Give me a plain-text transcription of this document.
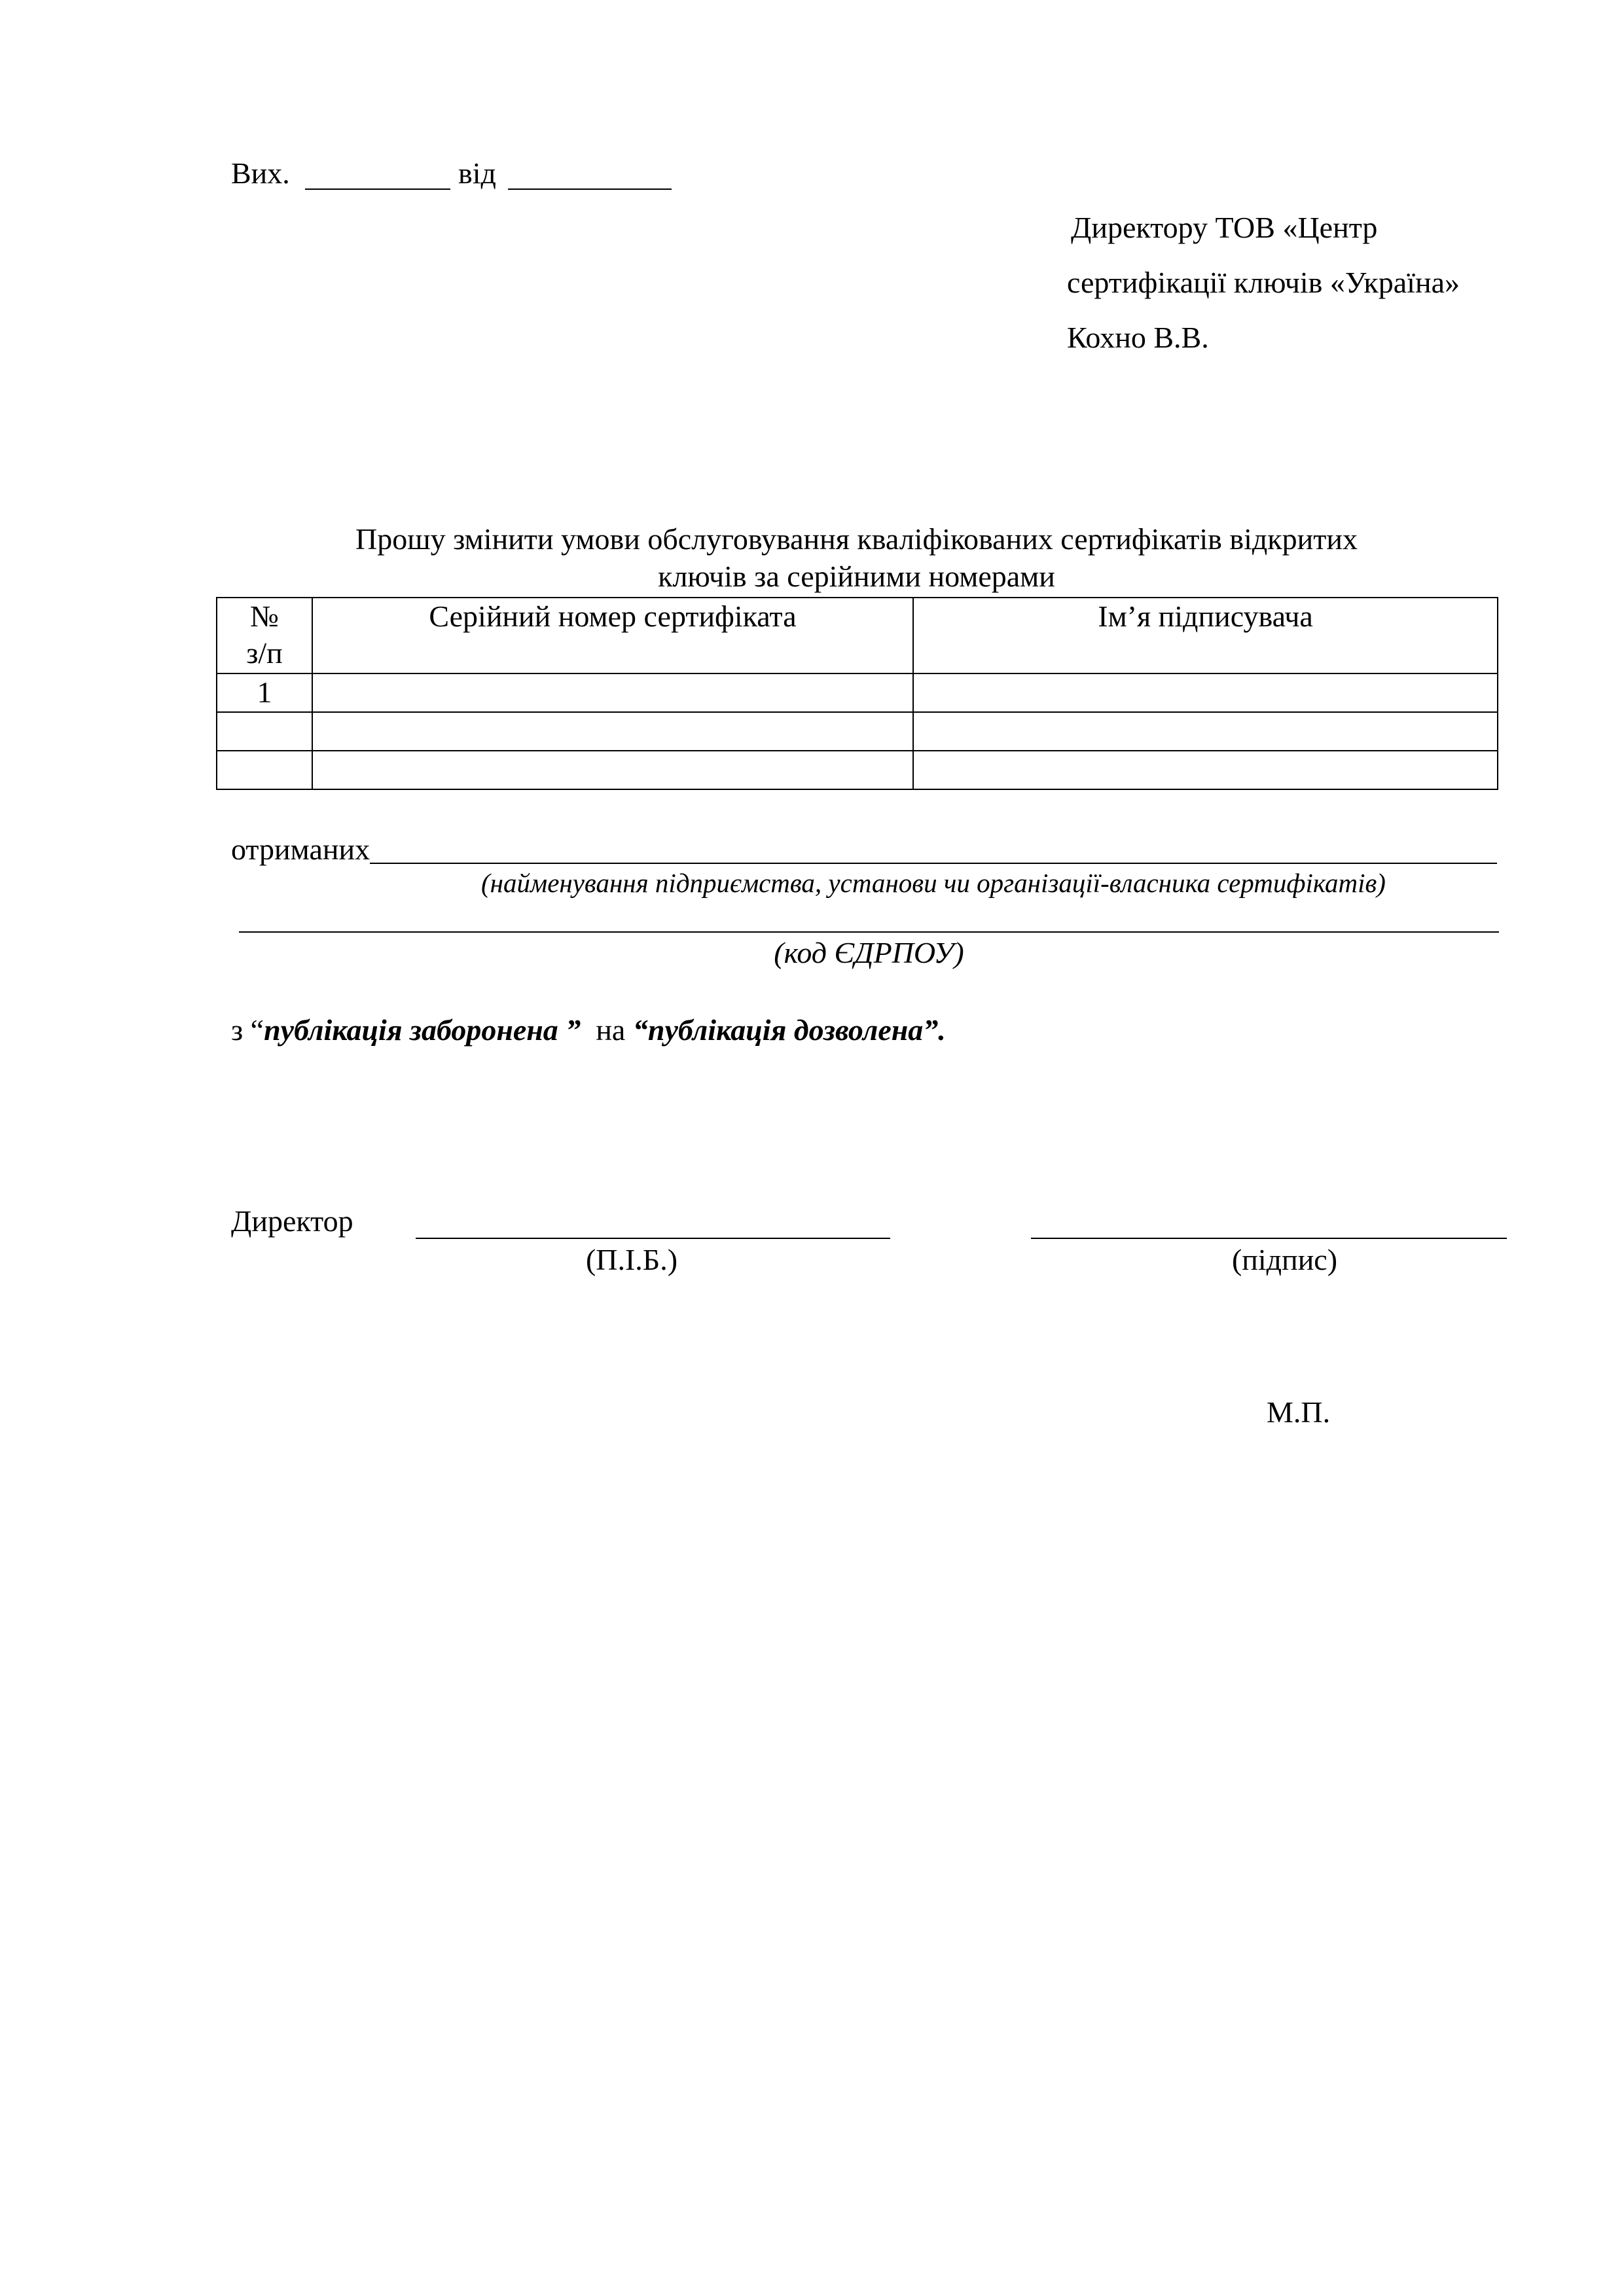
Вих.	від
Директору ТОВ «Центр
сертифікації ключів «Україна»
Кохно В.В.
Прошу змінити умови обслуговування кваліфікованих сертифікатів відкритих
ключів за серійними номерами
№
з/п	Серійний номер сертифіката	Ім’я підписувача
1		

отриманих
(найменування підприємства, установи чи організації-власника сертифікатів)
(код ЄДРПОУ)
з “публікація заборонена ” на “публікація дозволена”.
Директор
(П.І.Б.)	(підпис)
М.П.
